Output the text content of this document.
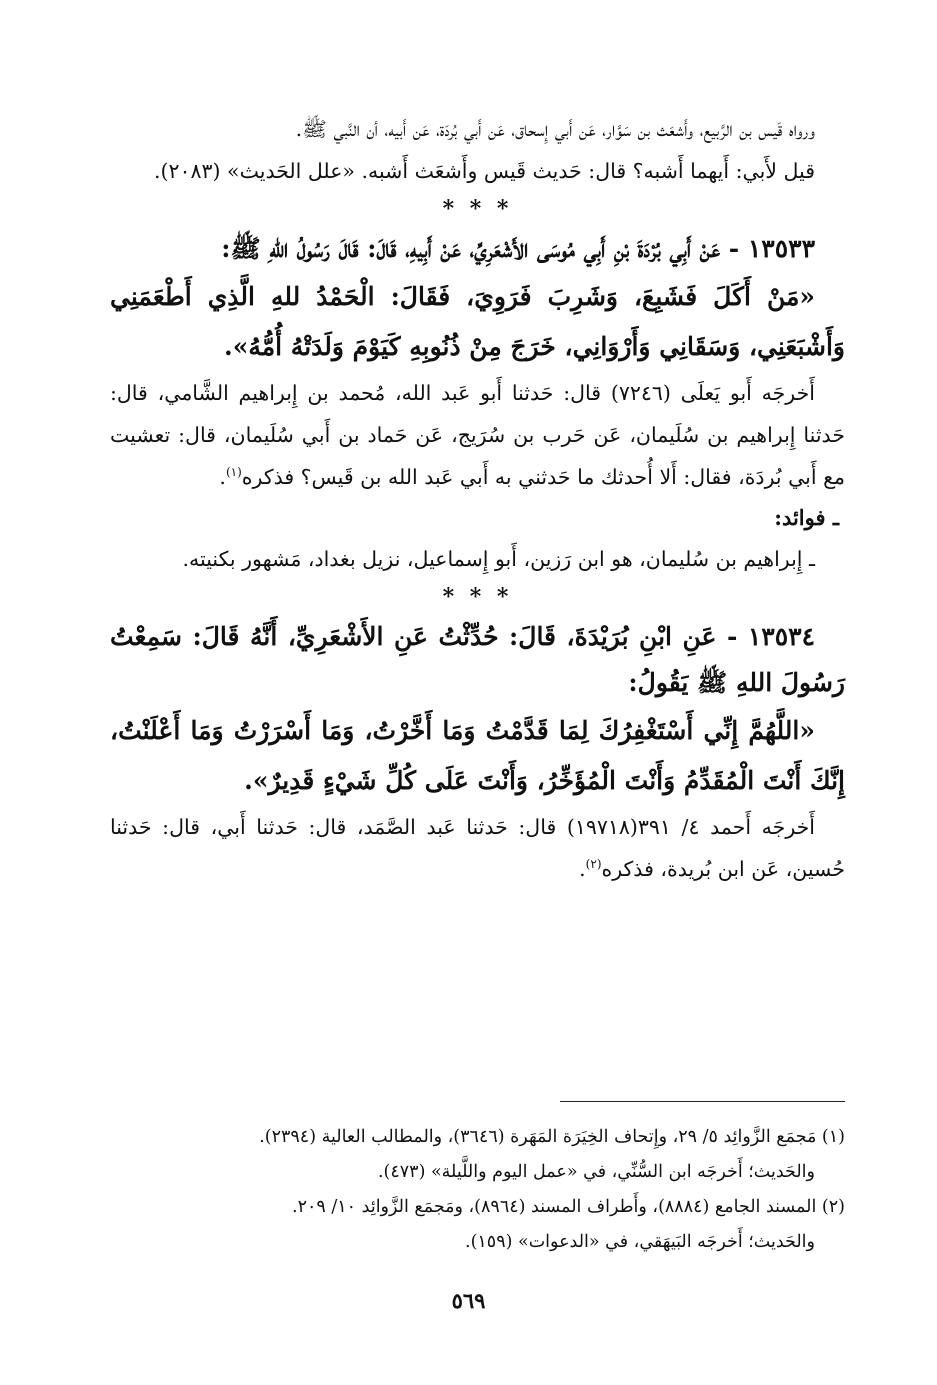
ورواه قَيس بن الرَّبيع، وأَشعَث بن سَوَّار، عَن أَبي إِسحاق، عَن أَبي بُردَة، عَن أَبيه، أن النَّبي ﷺ.

قيل لأَبي: أَيهما أَشبه؟ قال: حَديث قَيس وأَشعَث أَشبه. «علل الحَديث» (٢٠٨٣).

* * *

١٣٥٣٣ - عَنْ أَبِي بُرْدَةَ بْنِ أَبِي مُوسَى الأَشْعَرِيِّ، عَنْ أَبِيهِ، قَالَ: قَالَ رَسُولُ اللهِ ﷺ:

«مَنْ أَكَلَ فَشَبِعَ، وَشَرِبَ فَرَوِيَ، فَقَالَ: الْحَمْدُ للهِ الَّذِي أَطْعَمَنِي وَأَشْبَعَنِي، وَسَقَانِي وَأَرْوَانِي، خَرَجَ مِنْ ذُنُوبِهِ كَيَوْمَ وَلَدَتْهُ أُمُّهُ».

أَخرجَه أَبو يَعلَى (٧٢٤٦) قال: حَدثنا أَبو عَبد الله، مُحمد بن إِبراهيم الشَّامي، قال: حَدثنا إِبراهيم بن سُلَيمان، عَن حَرب بن سُرَيج، عَن حَماد بن أَبي سُلَيمان، قال: تعشيت مع أَبي بُردَة، فقال: أَلا أُحدثك ما حَدثني به أَبي عَبد الله بن قَيس؟ فذكره$^{(١)}$.

ـ فوائد:

ـ إِبراهيم بن سُليمان، هو ابن رَزين، أَبو إِسماعيل، نزيل بغداد، مَشهور بكنيته.

* * *

١٣٥٣٤ - عَنِ ابْنِ بُرَيْدَةَ، قَالَ: حُدِّثْتُ عَنِ الأَشْعَرِيِّ، أَنَّهُ قَالَ: سَمِعْتُ رَسُولَ اللهِ ﷺ يَقُولُ:

«اللَّهُمَّ إِنِّي أَسْتَغْفِرُكَ لِمَا قَدَّمْتُ وَمَا أَخَّرْتُ، وَمَا أَسْرَرْتُ وَمَا أَعْلَنْتُ، إِنَّكَ أَنْتَ الْمُقَدِّمُ وَأَنْتَ الْمُؤَخِّرُ، وَأَنْتَ عَلَى كُلِّ شَيْءٍ قَدِيرٌ».

أَخرجَه أَحمد ٤/ ٣٩١(١٩٧١٨) قال: حَدثنا عَبد الصَّمَد، قال: حَدثنا أَبي، قال: حَدثنا حُسين، عَن ابن بُريدة، فذكره$^{(٢)}$.

(١) مَجمَع الزَّوائِد ٥/ ٢٩، وإِتحاف الخِيَرَة المَهَرة (٣٦٤٦)، والمطالب العالية (٢٣٩٤).

والحَديث؛ أَخرجَه ابن السُّنِّي، في «عمل اليوم واللَّيلة» (٤٧٣).

(٢) المسند الجامع (٨٨٨٤)، وأَطراف المسند (٨٩٦٤)، ومَجمَع الزَّوائِد ١٠/ ٢٠٩.

والحَديث؛ أَخرجَه البَيهَقي، في «الدعوات» (١٥٩).

٥٦٩
